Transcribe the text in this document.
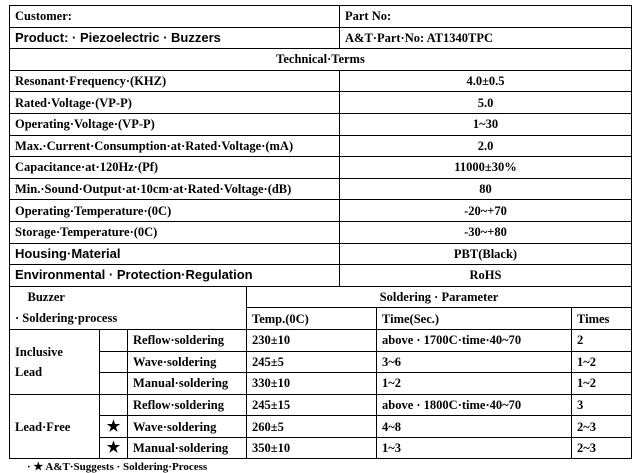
Customer:	Part No:
Product: · Piezoelectric · Buzzers	A&T·Part·No: AT1340TPC
Technical·Terms	
Resonant·Frequency·(KHZ)	4.0±0.5
Rated·Voltage·(VP-P)	5.0
Operating·Voltage·(VP-P)	1~30
Max.·Current·Consumption·at·Rated·Voltage·(mA)	2.0
Capacitance·at·120Hz·(Pf)	11000±30%
Min.·Sound·Output·at·10cm·at·Rated·Voltage·(dB)	80
Operating·Temperature·(0C)	-20~+70
Storage·Temperature·(0C)	-30~+80
Housing·Material	PBT(Black)
Environmental · Protection·Regulation	RoHS
Buzzer			Soldering · Parameter		
· Soldering·process			Temp.(0C)	Time(Sec.)	Times

Inclusive
Lead		Reflow·soldering	230±10	above · 1700C·time·40~70	2
		Wave·soldering	245±5	3~6	1~2
		Manual·soldering	330±10	1~2	1~2

Lead·Free		Reflow·soldering	245±15	above · 1800C·time·40~70	3
	★	Wave·soldering	260±5	4~8	2~3
	★	Manual·soldering	350±10	1~3	2~3
· ★ A&T·Suggests · Soldering·Process
